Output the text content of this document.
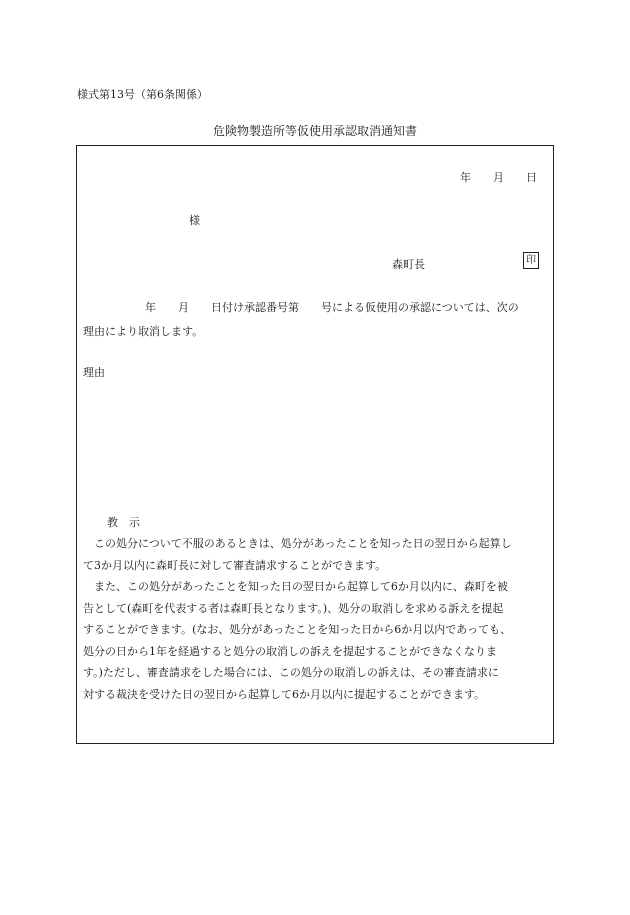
様式第13号（第6条関係）
危険物製造所等仮使用承認取消通知書
年 月 日
様
森町長	印
年　　月　　日付け承認番号第　　号による仮使用の承認については、次の
理由により取消します。
理由
教示
この処分について不服のあるときは、処分があったことを知った日の翌日から起算し
て3か月以内に森町長に対して審査請求することができます。
また、この処分があったことを知った日の翌日から起算して6か月以内に、森町を被
告として(森町を代表する者は森町長となります。)、処分の取消しを求める訴えを提起
することができます。(なお、処分があったことを知った日から6か月以内であっても、
処分の日から1年を経過すると処分の取消しの訴えを提起することができなくなりま
す。)ただし、審査請求をした場合には、この処分の取消しの訴えは、その審査請求に
対する裁決を受けた日の翌日から起算して6か月以内に提起することができます。
